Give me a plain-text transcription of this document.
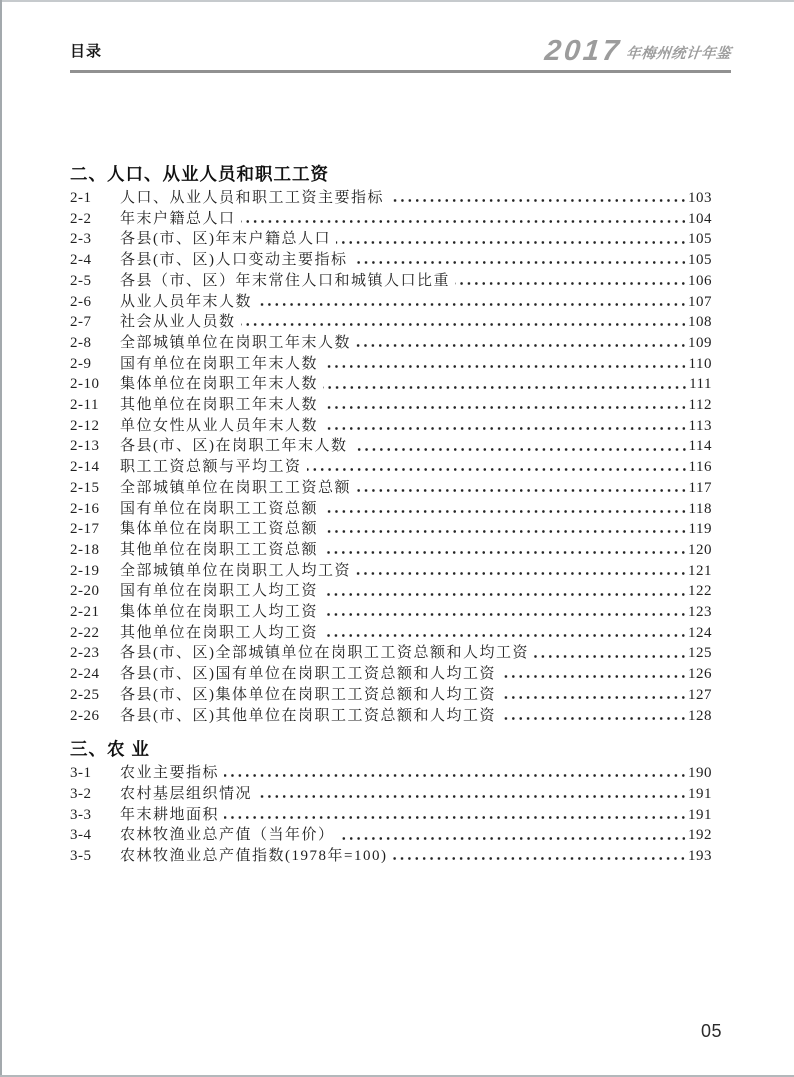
目录	2017 年梅州统计年鉴
二、人口、从业人员和职工工资
2-1	人口、从业人员和职工工资主要指标	103
2-2	年末户籍总人口	104
2-3	各县(市、区)年末户籍总人口	105
2-4	各县(市、区)人口变动主要指标	105
2-5	各县（市、区）年末常住人口和城镇人口比重	106
2-6	从业人员年末人数	107
2-7	社会从业人员数	108
2-8	全部城镇单位在岗职工年末人数	109
2-9	国有单位在岗职工年末人数	110
2-10	集体单位在岗职工年末人数	111
2-11	其他单位在岗职工年末人数	112
2-12	单位女性从业人员年末人数	113
2-13	各县(市、区)在岗职工年末人数	114
2-14	职工工资总额与平均工资	116
2-15	全部城镇单位在岗职工工资总额	117
2-16	国有单位在岗职工工资总额	118
2-17	集体单位在岗职工工资总额	119
2-18	其他单位在岗职工工资总额	120
2-19	全部城镇单位在岗职工人均工资	121
2-20	国有单位在岗职工人均工资	122
2-21	集体单位在岗职工人均工资	123
2-22	其他单位在岗职工人均工资	124
2-23	各县(市、区)全部城镇单位在岗职工工资总额和人均工资	125
2-24	各县(市、区)国有单位在岗职工工资总额和人均工资	126
2-25	各县(市、区)集体单位在岗职工工资总额和人均工资	127
2-26	各县(市、区)其他单位在岗职工工资总额和人均工资	128
三、农 业
3-1	农业主要指标	190
3-2	农村基层组织情况	191
3-3	年末耕地面积	191
3-4	农林牧渔业总产值（当年价）	192
3-5	农林牧渔业总产值指数(1978年=100)	193
05
